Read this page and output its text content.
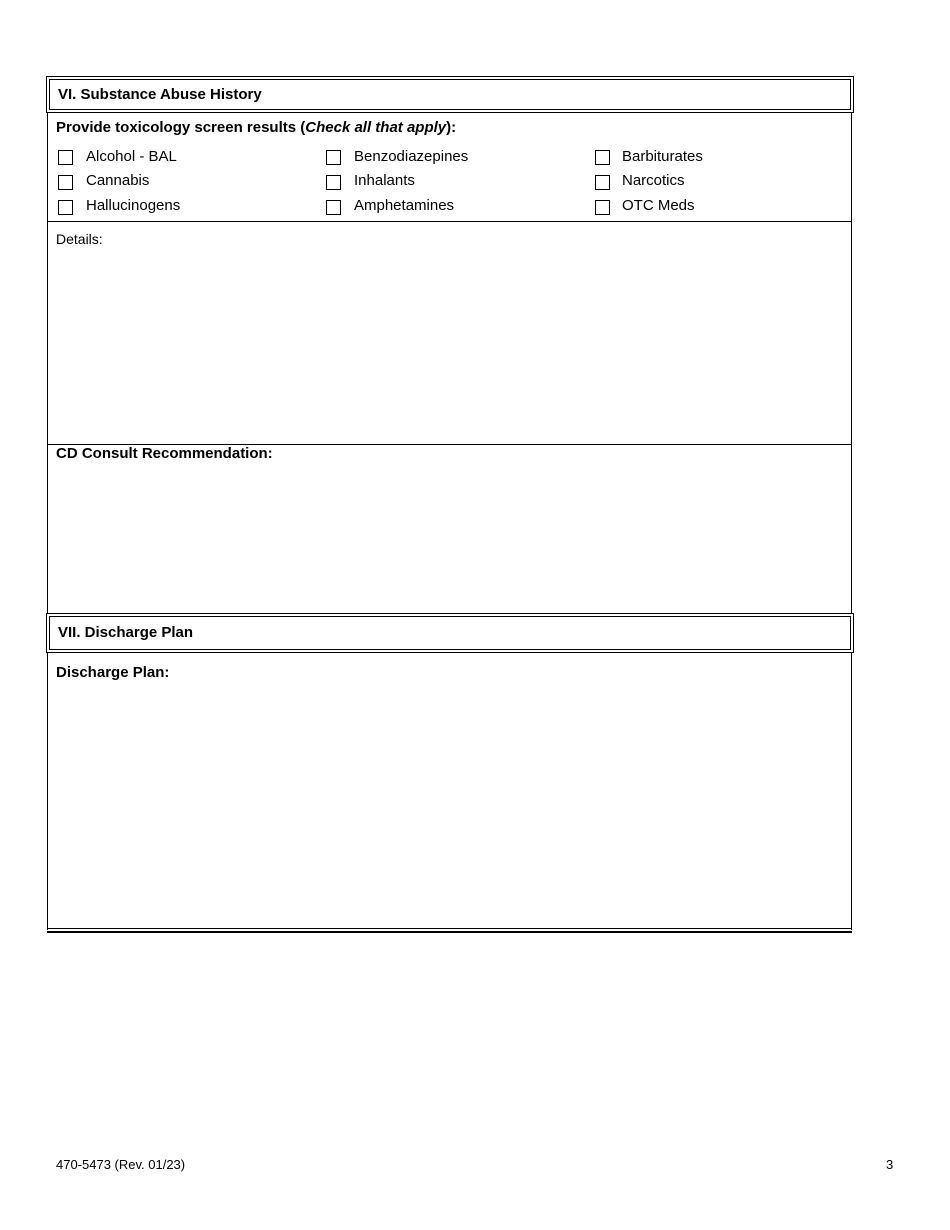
VI. Substance Abuse History
Provide toxicology screen results (Check all that apply):
Alcohol - BAL	Benzodiazepines	Barbiturates
Cannabis	Inhalants	Narcotics
Hallucinogens	Amphetamines	OTC Meds
Details:
CD Consult Recommendation:
VII. Discharge Plan
Discharge Plan:
470-5473 (Rev. 01/23)	3
